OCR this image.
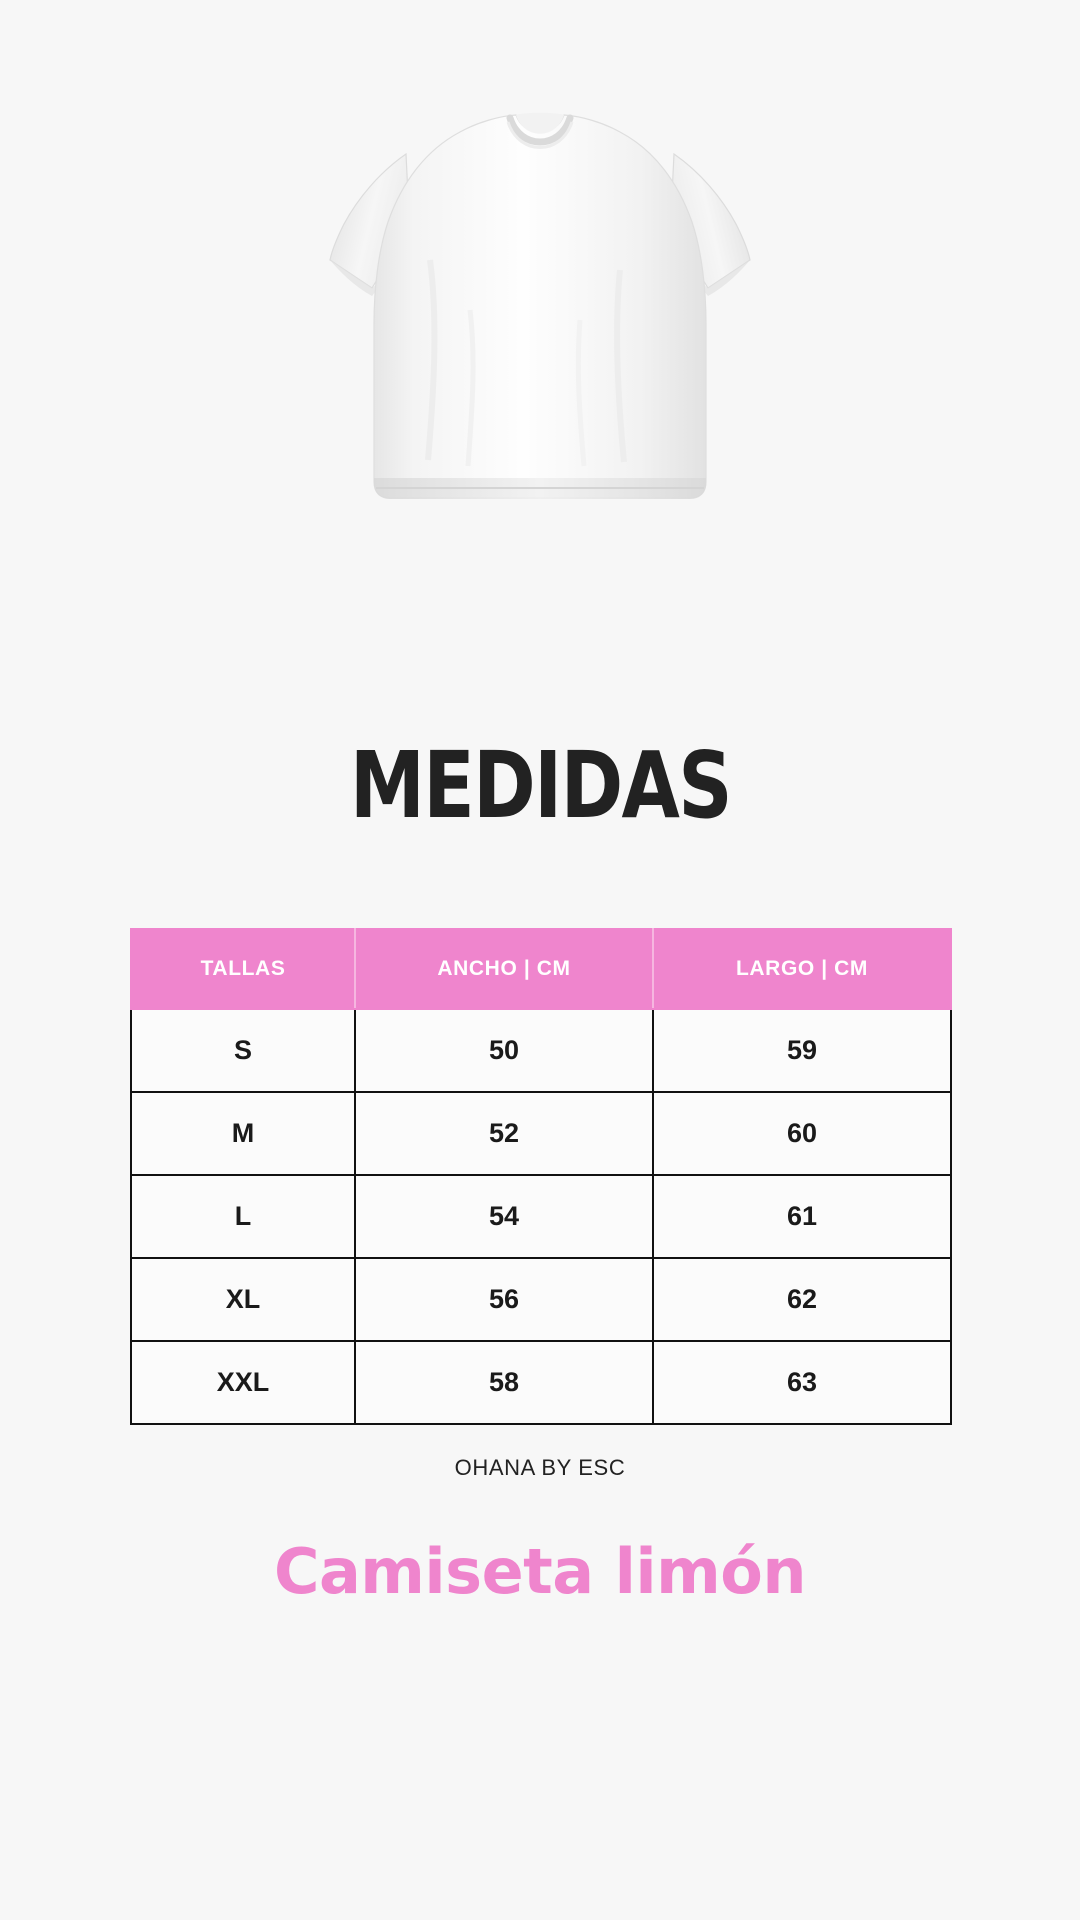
MEDIDAS
TALLAS	ANCHO | CM	LARGO | CM
S	50	59
M	52	60
L	54	61
XL	56	62
XXL	58	63
Camiseta limón
OHANA BY ESC
